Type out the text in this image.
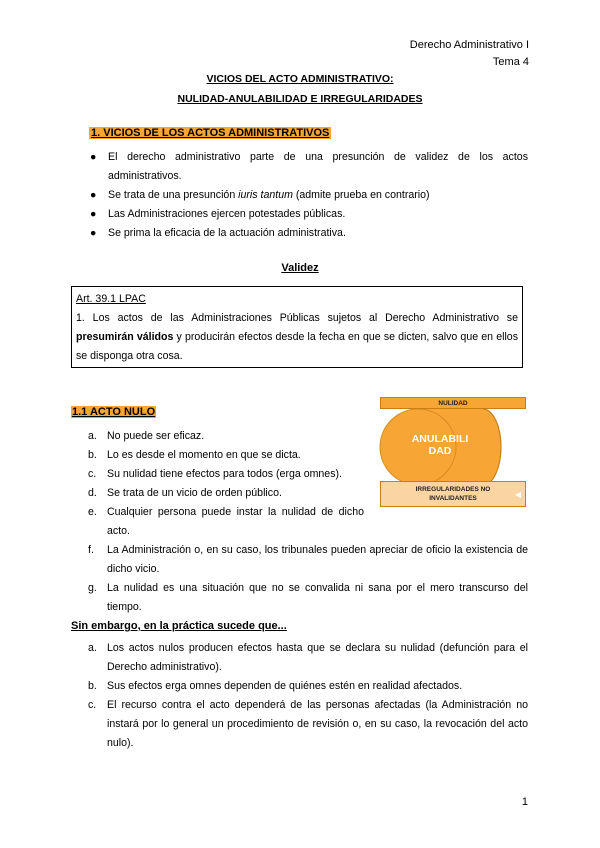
Derecho Administrativo I
Tema 4
VICIOS DEL ACTO ADMINISTRATIVO:
NULIDAD-ANULABILIDAD E IRREGULARIDADES
1. VICIOS DE LOS ACTOS ADMINISTRATIVOS
● El derecho administrativo parte de una presunción de validez de los actos administrativos.
● Se trata de una presunción iuris tantum (admite prueba en contrario)
● Las Administraciones ejercen potestades públicas.
● Se prima la eficacia de la actuación administrativa.
Validez
Art. 39.1 LPAC

1. Los actos de las Administraciones Públicas sujetos al Derecho Administrativo se presumirán válidos y producirán efectos desde la fecha en que se dicten, salvo que en ellos se disponga otra cosa.

1.1 ACTO NULO
a. No puede ser eficaz.
b. Lo es desde el momento en que se dicta.
c. Su nulidad tiene efectos para todos (erga omnes).
d. Se trata de un vicio de orden público.
e. Cualquier persona puede instar la nulidad de dicho acto.
f. La Administración o, en su caso, los tribunales pueden apreciar de oficio la existencia de dicho vicio.
g. La nulidad es una situación que no se convalida ni sana por el mero transcurso del tiempo.
NULIDAD
ANULABILI
DAD
IRREGULARIDADES NO
INVALIDANTES	◀
Sin embargo, en la práctica sucede que...
a. Los actos nulos producen efectos hasta que se declara su nulidad (defunción para el Derecho administrativo).
b. Sus efectos erga omnes dependen de quiénes estén en realidad afectados.
c. El recurso contra el acto dependerá de las personas afectadas (la Administración no instará por lo general un procedimiento de revisión o, en su caso, la revocación del acto nulo).
1
